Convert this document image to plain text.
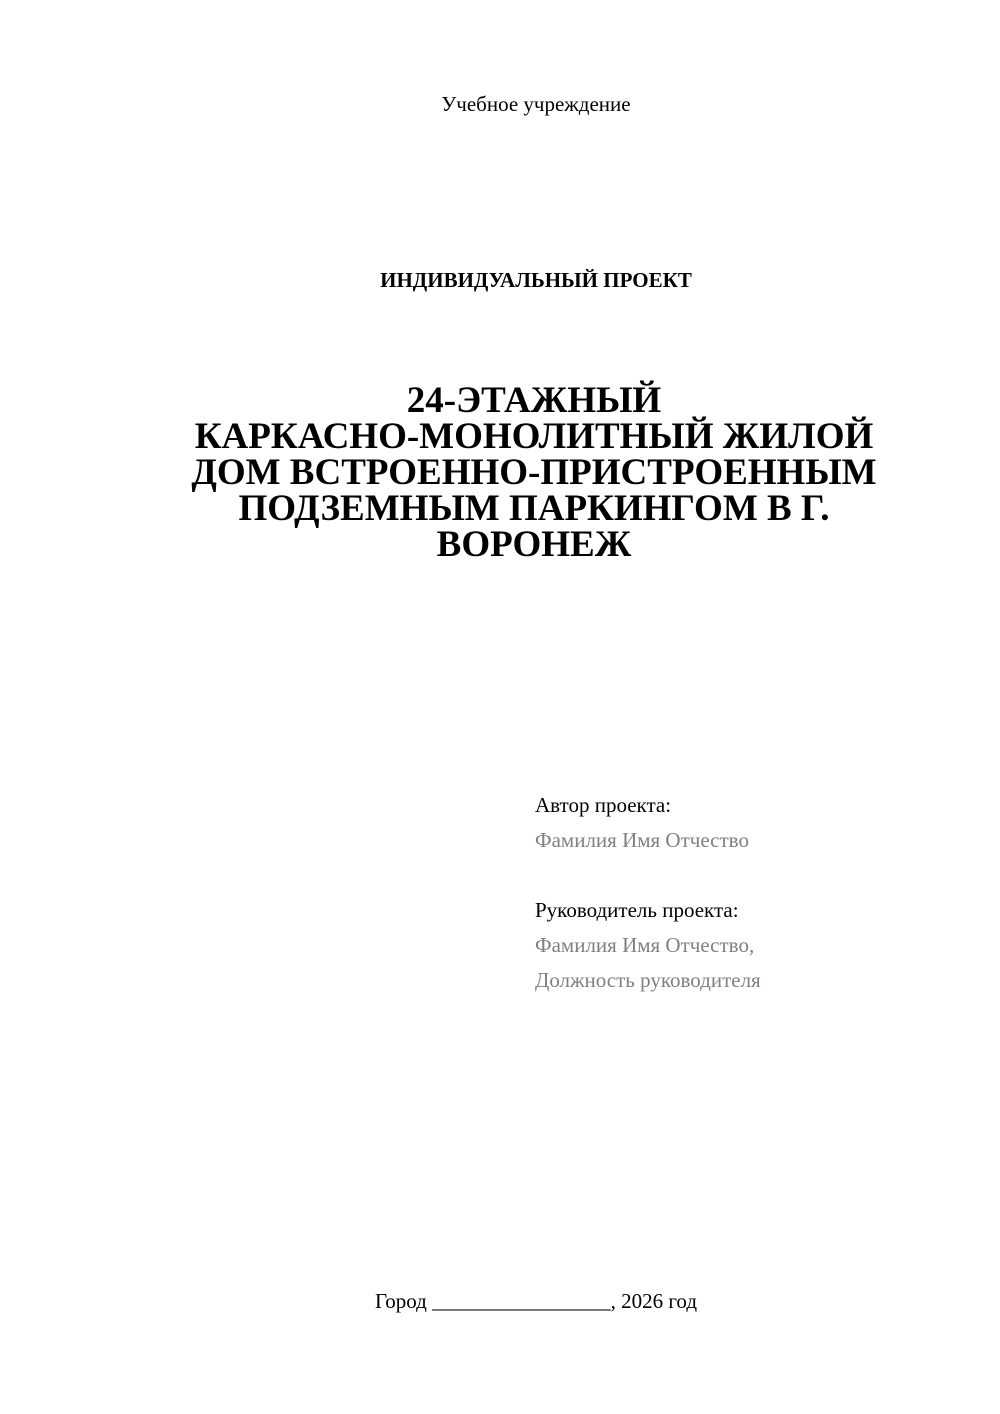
Учебное учреждение
ИНДИВИДУАЛЬНЫЙ ПРОЕКТ
24-ЭТАЖНЫЙ
КАРКАСНО-МОНОЛИТНЫЙ ЖИЛОЙ
ДОМ ВСТРОЕННО-ПРИСТРОЕННЫМ
ПОДЗЕМНЫМ ПАРКИНГОМ В Г.
ВОРОНЕЖ
Автор проекта:
Фамилия Имя Отчество
Руководитель проекта:
Фамилия Имя Отчество,
Должность руководителя
Город _________________, 2026 год
